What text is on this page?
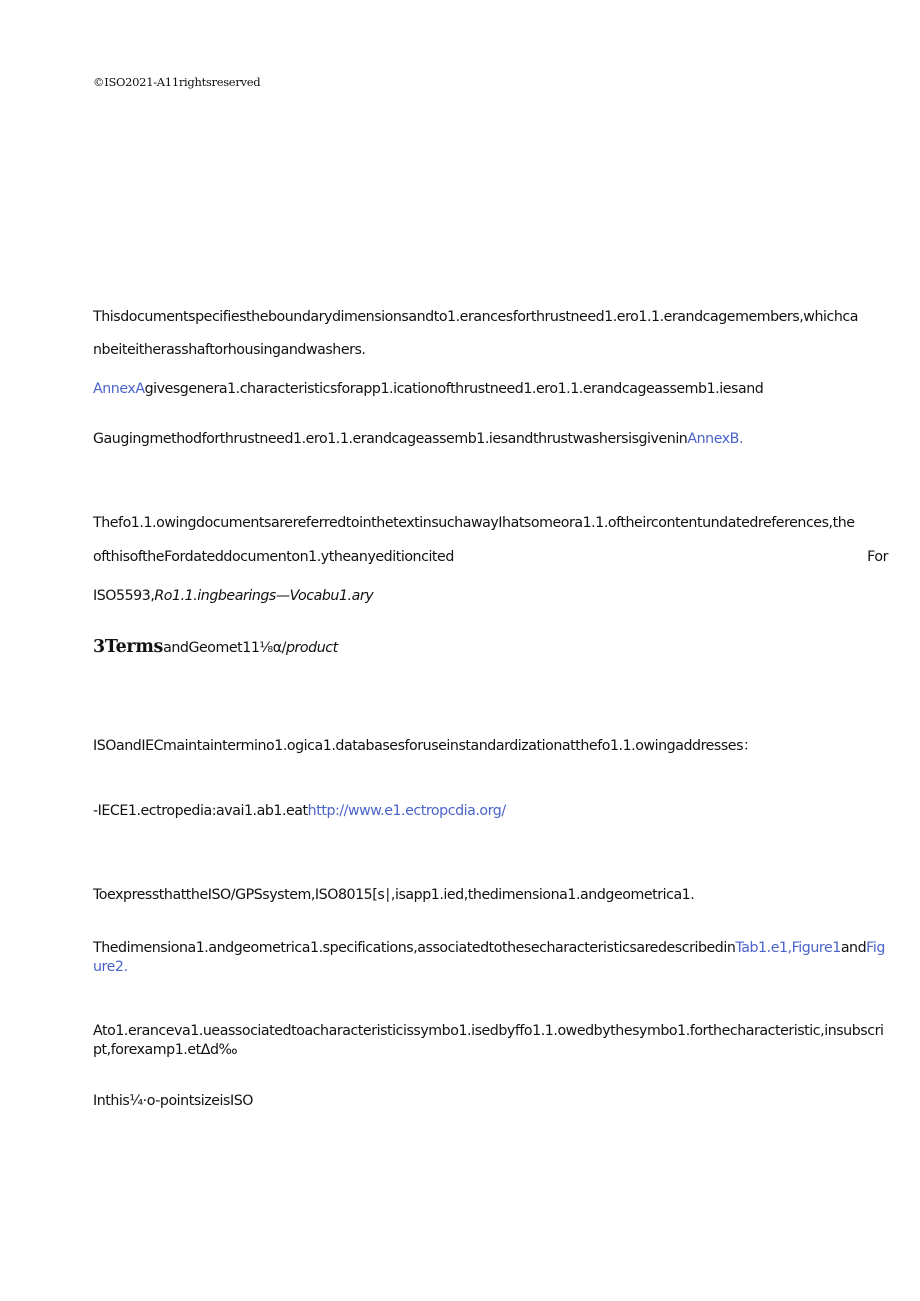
©ISO2021-A11rightsreserved
Thisdocumentspecifiestheboundarydimensionsandto1.erancesforthrustneed1.ero1.1.erandcagemembers,whichca
nbeiteitherasshaftorhousingandwashers.
AnnexAgivesgenera1.characteristicsforapp1.icationofthrustneed1.ero1.1.erandcageassemb1.iesand
Gaugingmethodforthrustneed1.ero1.1.erandcageassemb1.iesandthrustwashersisgiveninAnnexB.
Thefo1.1.owingdocumentsarereferredtointhetextinsuchawayIhatsomeora1.1.oftheircontentundatedreferences,the
ofthisoftheFordateddocumenton1.ytheanyeditioncited	For
ISO5593,Ro1.1.ingbearings—Vocabu1.ary
3TermsandGeomet11⅛α/product
ISOandIECmaintaintermino1.ogica1.databasesforuseinstandardizationatthefo1.1.owingaddresses：
-IECE1.ectropedia:avai1.ab1.eathttp://www.e1.ectropcdia.org/
ToexpressthattheISO/GPSsystem,ISO8015[s∣,isapp1.ied,thedimensiona1.andgeometrica1.
Thedimensiona1.andgeometrica1.specifications,associatedtothesecharacteristicsaredescribedinTab1.e1,Figure1andFigure2.
Ato1.eranceva1.ueassociatedtoacharacteristicissymbo1.isedbyffo1.1.owedbythesymbo1.forthecharacteristic,insubscript,forexamp1.etΔd‰
Inthis¼·o-pointsizeisISO
